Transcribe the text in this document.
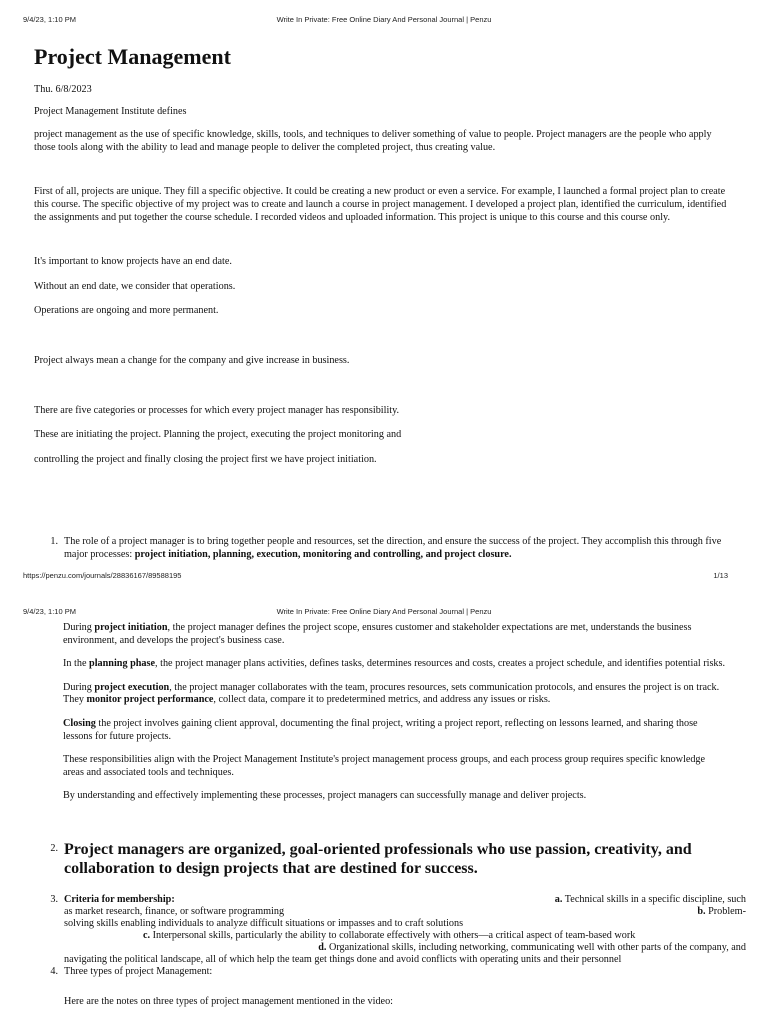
9/4/23, 1:10 PM	Write In Private: Free Online Diary And Personal Journal | Penzu
Project Management

Thu. 6/8/2023

Project Management Institute defines

project management as the use of specific knowledge, skills, tools, and techniques to deliver something of value to people. Project managers are the people who apply those tools along with the ability to lead and manage people to deliver the completed project, thus creating value.

First of all, projects are unique. They fill a specific objective. It could be creating a new product or even a service. For example, I launched a formal project plan to create this course. The specific objective of my project was to create and launch a course in project management. I developed a project plan, identified the curriculum, identified the assignments and put together the course schedule. I recorded videos and uploaded information. This project is unique to this course and this course only.

It's important to know projects have an end date.

Without an end date, we consider that operations.

Operations are ongoing and more permanent.

Project always mean a change for the company and give increase in business.

There are five categories or processes for which every project manager has responsibility.

These are initiating the project. Planning the project, executing the project monitoring and

controlling the project and finally closing the project first we have project initiation.

1. The role of a project manager is to bring together people and resources, set the direction, and ensure the success of the project. They accomplish this through five major processes: project initiation, planning, execution, monitoring and controlling, and project closure.
https://penzu.com/journals/28836167/89588195	1/13
9/4/23, 1:10 PM	Write In Private: Free Online Diary And Personal Journal | Penzu

During project initiation, the project manager defines the project scope, ensures customer and stakeholder expectations are met, understands the business environment, and develops the project's business case.

In the planning phase, the project manager plans activities, defines tasks, determines resources and costs, creates a project schedule, and identifies potential risks.

During project execution, the project manager collaborates with the team, procures resources, sets communication protocols, and ensures the project is on track. They monitor project performance, collect data, compare it to predetermined metrics, and address any issues or risks.

Closing the project involves gaining client approval, documenting the final project, writing a project report, reflecting on lessons learned, and sharing those lessons for future projects.

These responsibilities align with the Project Management Institute's project management process groups, and each process group requires specific knowledge areas and associated tools and techniques.

By understanding and effectively implementing these processes, project managers can successfully manage and deliver projects.

2. Project managers are organized, goal-oriented professionals who use passion, creativity, and collaboration to design projects that are destined for success.
3. Criteria for membership:	a. Technical skills in a specific discipline, such
as market research, finance, or software programming	b. Problem-
solving skills enabling individuals to analyze difficult situations or impasses and to craft solutions
c. Interpersonal skills, particularly the ability to collaborate effectively with others—a critical aspect of team-based work
d. Organizational skills, including networking, communicating well with other parts of the company, and
navigating the political landscape, all of which help the team get things done and avoid conflicts with operating units and their personnel
4. Three types of project Management:

Here are the notes on three types of project management mentioned in the video:
